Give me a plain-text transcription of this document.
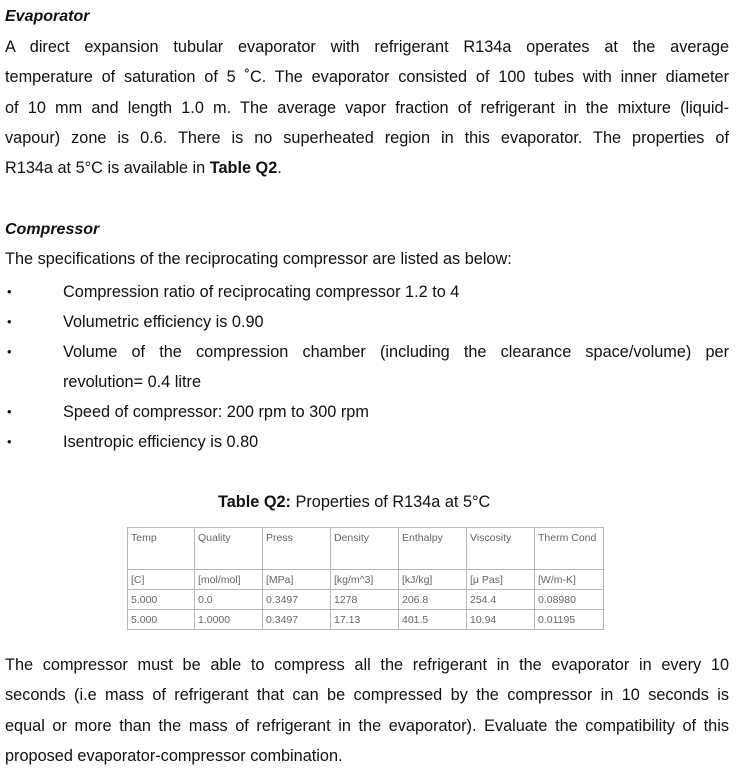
Evaporator
A direct expansion tubular evaporator with refrigerant R134a operates at the average
temperature of saturation of 5 ˚C. The evaporator consisted of 100 tubes with inner diameter
of 10 mm and length 1.0 m. The average vapor fraction of refrigerant in the mixture (liquid-
vapour) zone is 0.6. There is no superheated region in this evaporator. The properties of
R134a at 5°C is available in Table Q2.
Compressor
The specifications of the reciprocating compressor are listed as below:
•	Compression ratio of reciprocating compressor 1.2 to 4
•	Volumetric efficiency is 0.90
•	Volume of the compression chamber (including the clearance space/volume) per
revolution= 0.4 litre
•	Speed of compressor: 200 rpm to 300 rpm
•	Isentropic efficiency is 0.80
Table Q2: Properties of R134a at 5°C
Temp	Quality	Press	Density	Enthalpy	Viscosity	Therm Cond
[C]	[mol/mol]	[MPa]	[kg/m^3]	[kJ/kg]	[μ Pas]	[W/m-K]
5.000	0.0	0.3497	1278	206.8	254.4	0.08980
5.000	1.0000	0.3497	17.13	401.5	10.94	0.01195
The compressor must be able to compress all the refrigerant in the evaporator in every 10
seconds (i.e mass of refrigerant that can be compressed by the compressor in 10 seconds is
equal or more than the mass of refrigerant in the evaporator). Evaluate the compatibility of this
proposed evaporator-compressor combination.
